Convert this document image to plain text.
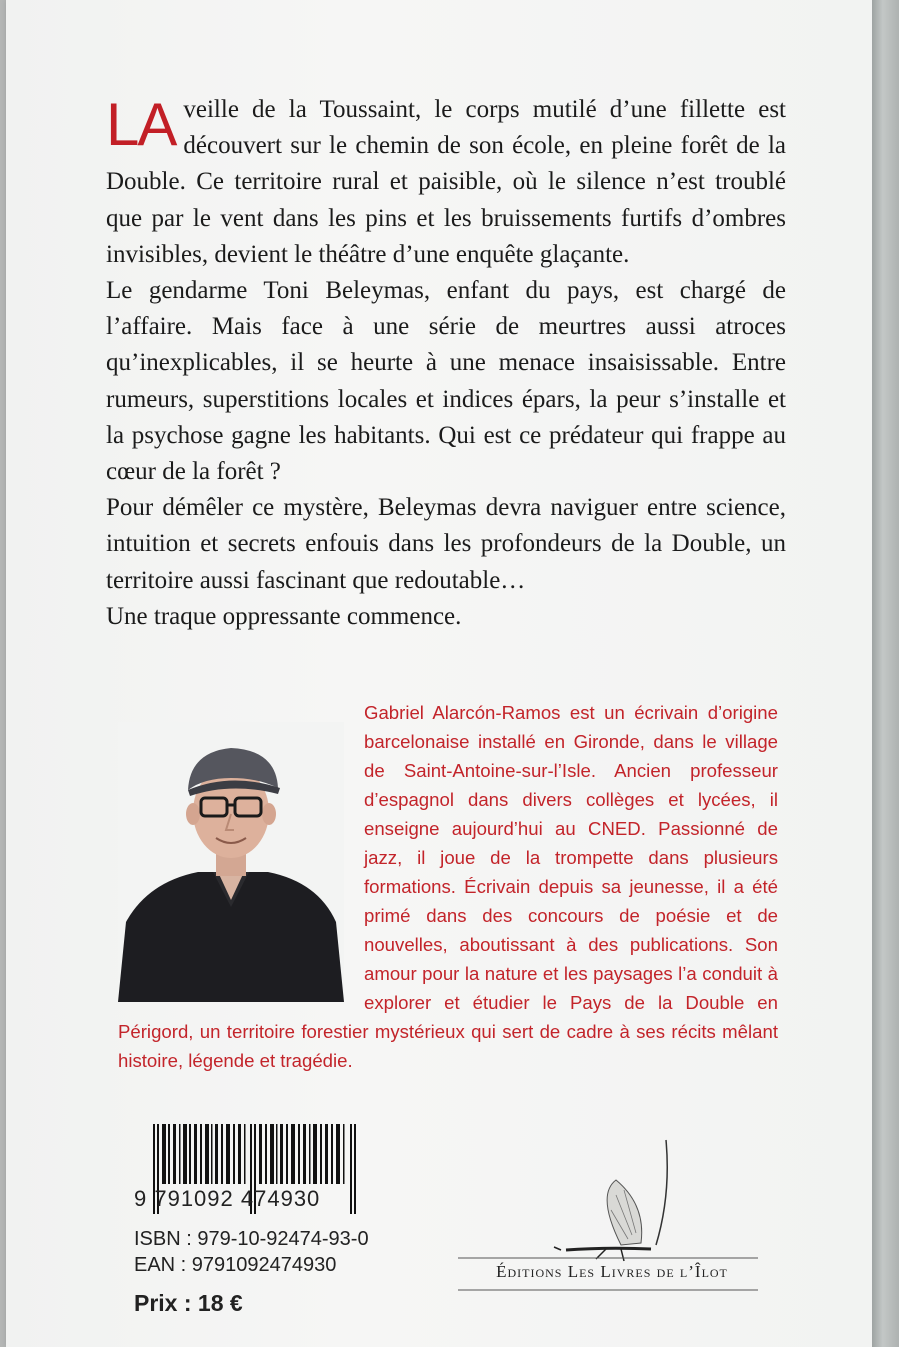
LA veille de la Toussaint, le corps mutilé d’une fillette est découvert sur le chemin de son école, en pleine forêt de la Double. Ce territoire rural et paisible, où le silence n’est troublé que par le vent dans les pins et les bruissements furtifs d’ombres invisibles, devient le théâtre d’une enquête glaçante.

Le gendarme Toni Beleymas, enfant du pays, est chargé de l’affaire. Mais face à une série de meurtres aussi atroces qu’inexplicables, il se heurte à une menace insaisissable. Entre rumeurs, superstitions locales et indices épars, la peur s’installe et la psychose gagne les habitants. Qui est ce prédateur qui frappe au cœur de la forêt ?

Pour démêler ce mystère, Beleymas devra naviguer entre science, intuition et secrets enfouis dans les profondeurs de la Double, un territoire aussi fascinant que redoutable…

Une traque oppressante commence.

Gabriel Alarcón-Ramos est un écrivain d’origine barcelonaise installé en Gironde, dans le village de Saint-Antoine-sur-l’Isle. Ancien professeur d’espagnol dans divers collèges et lycées, il enseigne aujourd’hui au CNED. Passionné de jazz, il joue de la trompette dans plusieurs formations. Écrivain depuis sa jeunesse, il a été primé dans des concours de poésie et de nouvelles, aboutissant à des publications. Son amour pour la nature et les paysages l’a conduit à explorer et étudier le Pays de la Double en Périgord, un territoire forestier mystérieux qui sert de cadre à ses récits mêlant histoire, légende et tragédie.

9 791092 474930
ISBN : 979-10-92474-93-0
EAN : 9791092474930
Prix : 18 €
Éditions Les Livres de l’Îlot
